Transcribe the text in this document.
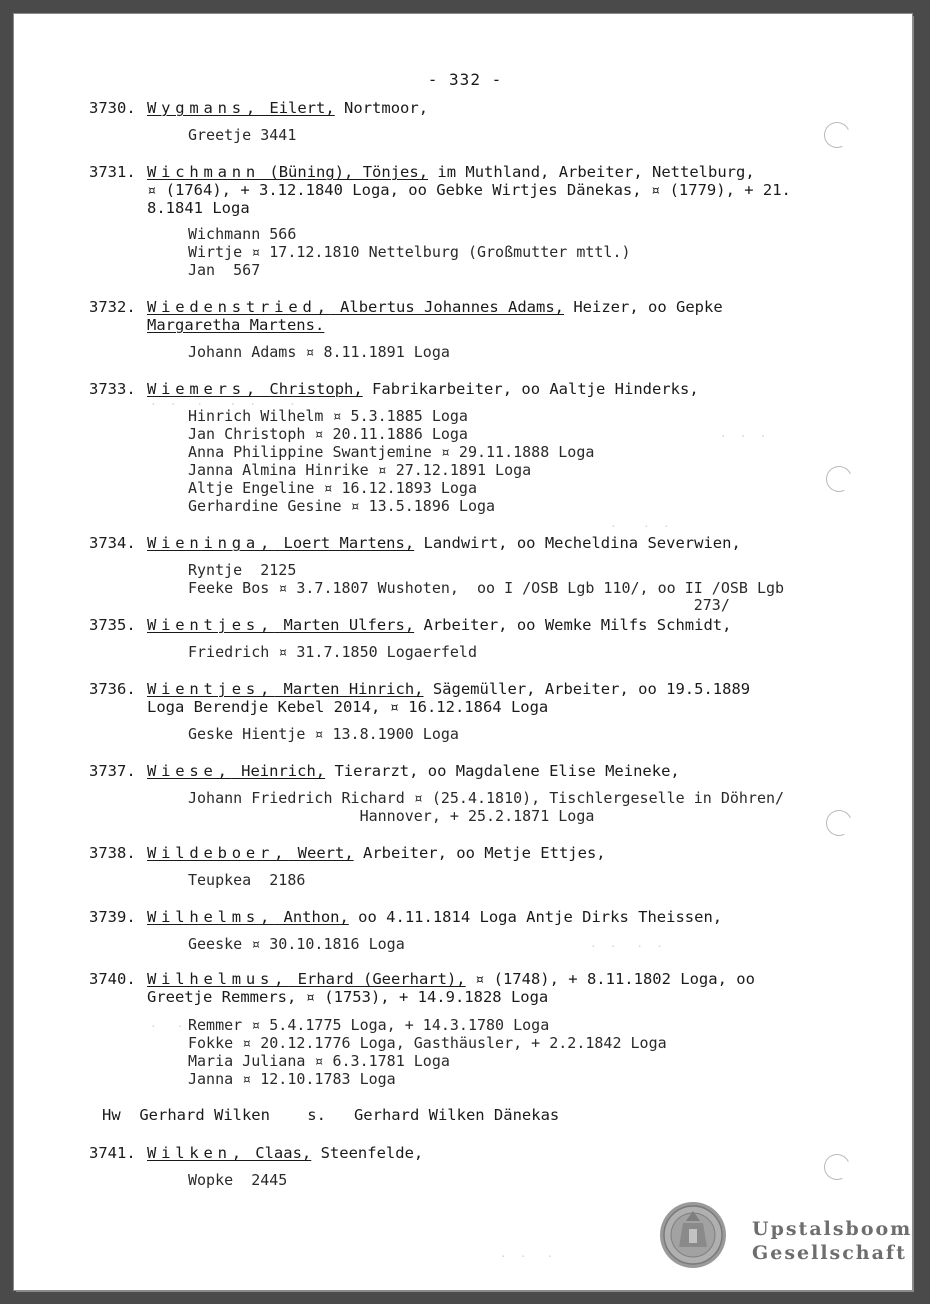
- 332 -
3730. Wygmans, Eilert, Nortmoor,
Greetje 3441
3731. Wichmann (Büning), Tönjes, im Muthland, Arbeiter, Nettelburg,
¤ (1764), + 3.12.1840 Loga, oo Gebke Wirtjes Dänekas, ¤ (1779), + 21.
8.1841 Loga
Wichmann 566
Wirtje ¤ 17.12.1810 Nettelburg (Großmutter mttl.)
Jan  567
3732. Wiedenstried, Albertus Johannes Adams, Heizer, oo Gepke
Margaretha Martens.
Johann Adams ¤ 8.11.1891 Loga
3733. Wiemers, Christoph, Fabrikarbeiter, oo Aaltje Hinderks,
Hinrich Wilhelm ¤ 5.3.1885 Loga
Jan Christoph ¤ 20.11.1886 Loga
Anna Philippine Swantjemine ¤ 29.11.1888 Loga
Janna Almina Hinrike ¤ 27.12.1891 Loga
Altje Engeline ¤ 16.12.1893 Loga
Gerhardine Gesine ¤ 13.5.1896 Loga
3734. Wieninga, Loert Martens, Landwirt, oo Mecheldina Severwien,
Ryntje  2125
Feeke Bos ¤ 3.7.1807 Wushoten,  oo I /OSB Lgb 110/, oo II /OSB Lgb
273/
3735. Wientjes, Marten Ulfers, Arbeiter, oo Wemke Milfs Schmidt,
Friedrich ¤ 31.7.1850 Logaerfeld
3736. Wientjes, Marten Hinrich, Sägemüller, Arbeiter, oo 19.5.1889
Loga Berendje Kebel 2014, ¤ 16.12.1864 Loga
Geske Hientje ¤ 13.8.1900 Loga
3737. Wiese, Heinrich, Tierarzt, oo Magdalene Elise Meineke,
Johann Friedrich Richard ¤ (25.4.1810), Tischlergeselle in Döhren/
Hannover, + 25.2.1871 Loga
3738. Wildeboer, Weert, Arbeiter, oo Metje Ettjes,
Teupkea  2186
3739. Wilhelms, Anthon, oo 4.11.1814 Loga Antje Dirks Theissen,
Geeske ¤ 30.10.1816 Loga
3740. Wilhelmus, Erhard (Geerhart), ¤ (1748), + 8.11.1802 Loga, oo
Greetje Remmers, ¤ (1753), + 14.9.1828 Loga
Remmer ¤ 5.4.1775 Loga, + 14.3.1780 Loga
Fokke ¤ 20.12.1776 Loga, Gasthäusler, + 2.2.1842 Loga
Maria Juliana ¤ 6.3.1781 Loga
Janna ¤ 12.10.1783 Loga
Hw  Gerhard Wilken    s.   Gerhard Wilken Dänekas
3741. Wilken, Claas, Steenfelde,
Wopke  2445
·  ·   ·    ·  ·     ·
·  ·  ·
·    ·  ·
·  ·   ·  ·
·   ·  ·
·  ·   ·
Upstalsboom
Gesellschaft
